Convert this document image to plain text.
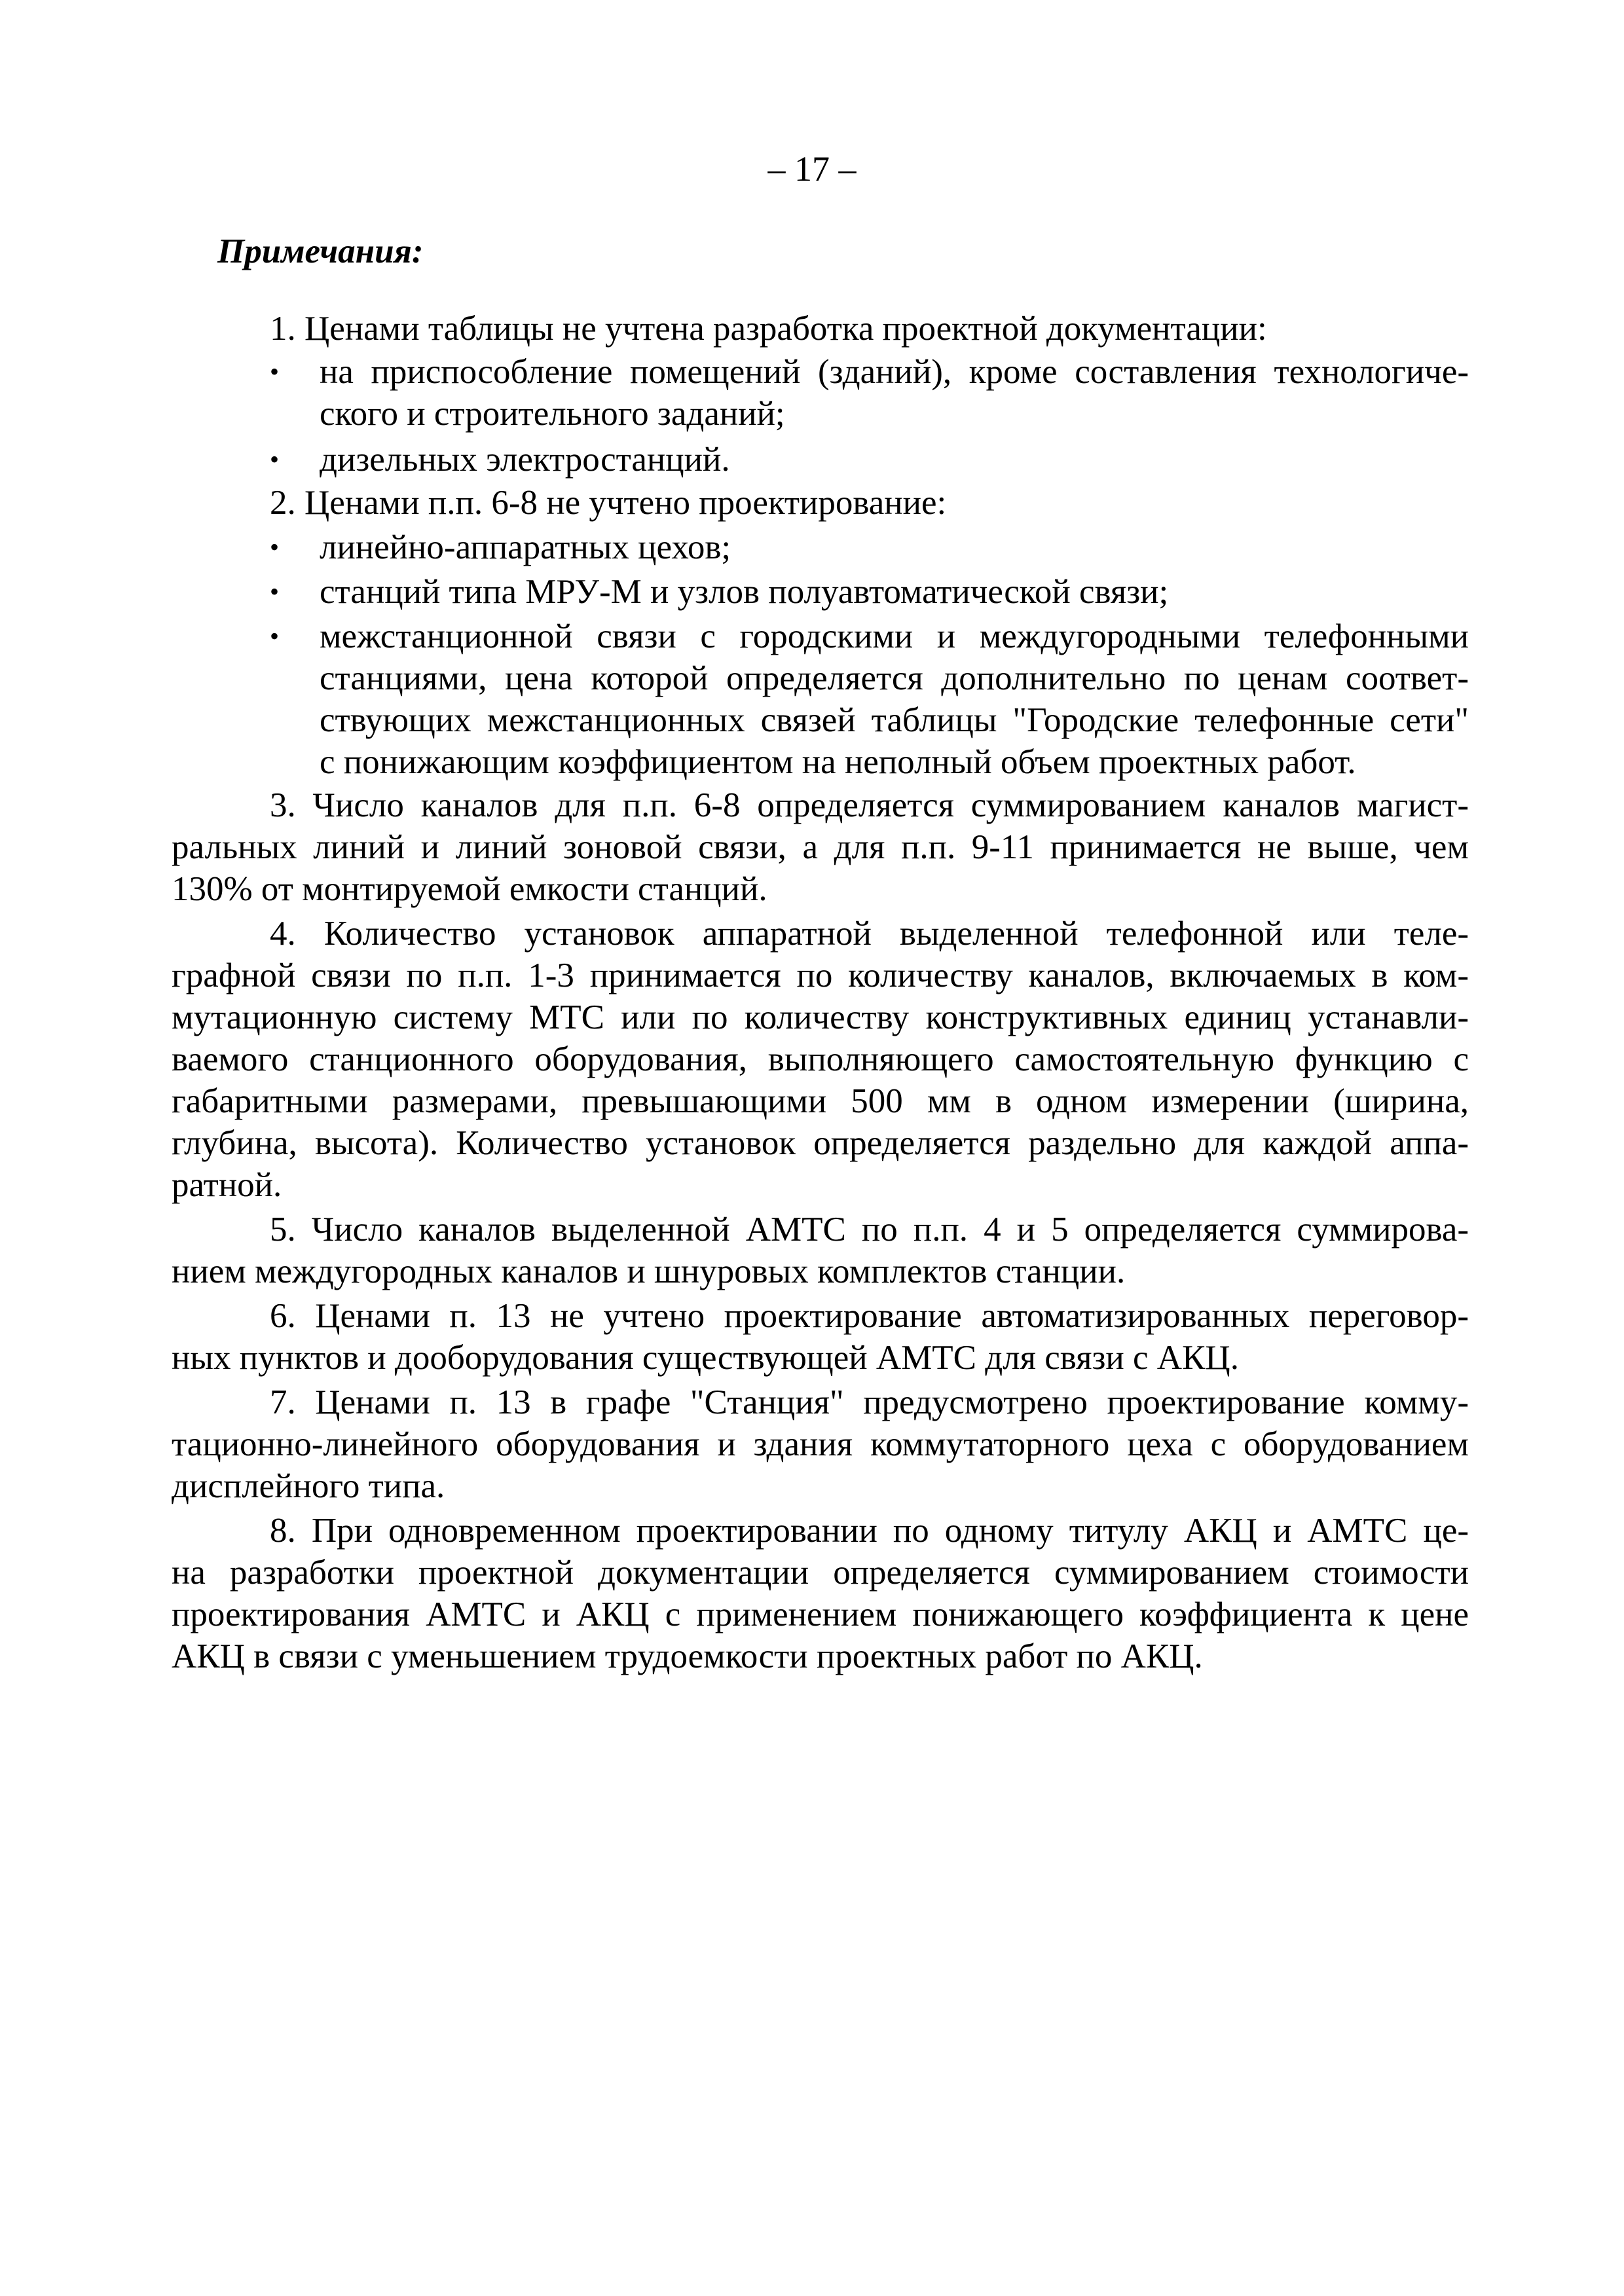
– 17 –
Примечания:
1. Ценами таблицы не учтена разработка проектной документации:
• на приспособление помещений (зданий), кроме составления технологиче-
ского и строительного заданий;
• дизельных электростанций.
2. Ценами п.п. 6-8 не учтено проектирование:
• линейно-аппаратных цехов;
• станций типа МРУ-М и узлов полуавтоматической связи;
• межстанционной связи с городскими и междугородными телефонными
станциями, цена которой определяется дополнительно по ценам соответ-
ствующих межстанционных связей таблицы "Городские телефонные сети"
с понижающим коэффициентом на неполный объем проектных работ.
3. Число каналов для п.п. 6-8 определяется суммированием каналов магист-
ральных линий и линий зоновой связи, а для п.п. 9-11 принимается не выше, чем
130% от монтируемой емкости станций.
4. Количество установок аппаратной выделенной телефонной или теле-
графной связи по п.п. 1-3 принимается по количеству каналов, включаемых в ком-
мутационную систему МТС или по количеству конструктивных единиц устанавли-
ваемого станционного оборудования, выполняющего самостоятельную функцию с
габаритными размерами, превышающими 500 мм в одном измерении (ширина,
глубина, высота). Количество установок определяется раздельно для каждой аппа-
ратной.
5. Число каналов выделенной АМТС по п.п. 4 и 5 определяется суммирова-
нием междугородных каналов и шнуровых комплектов станции.
6. Ценами п. 13 не учтено проектирование автоматизированных переговор-
ных пунктов и дооборудования существующей АМТС для связи с АКЦ.
7. Ценами п. 13 в графе "Станция" предусмотрено проектирование комму-
тационно-линейного оборудования и здания коммутаторного цеха с оборудованием
дисплейного типа.
8. При одновременном проектировании по одному титулу АКЦ и АМТС це-
на разработки проектной документации определяется суммированием стоимости
проектирования АМТС и АКЦ с применением понижающего коэффициента к цене
АКЦ в связи с уменьшением трудоемкости проектных работ по АКЦ.
